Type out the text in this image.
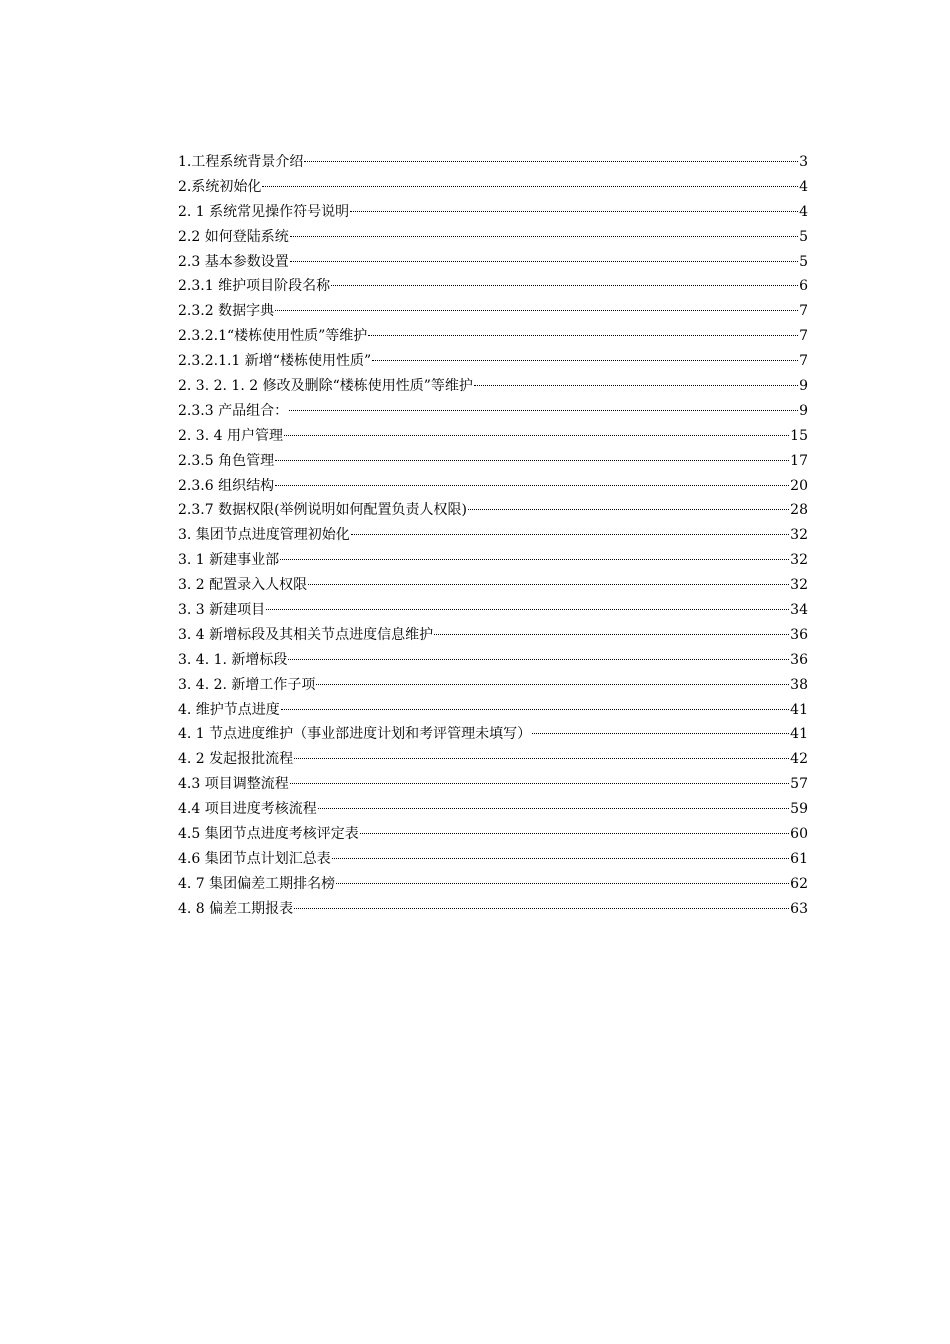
1.工程系统背景介绍	3
2.系统初始化	4
2. 1 系统常见操作符号说明	4
2.2 如何登陆系统	5
2.3 基本参数设置	5
2.3.1 维护项目阶段名称	6
2.3.2 数据字典	7
2.3.2.1“楼栋使用性质”等维护	7
2.3.2.1.1 新增“楼栋使用性质”	7
2. 3. 2. 1. 2 修改及删除“楼栋使用性质”等维护	9
2.3.3 产品组合：	9
2. 3. 4 用户管理	15
2.3.5 角色管理	17
2.3.6 组织结构	20
2.3.7 数据权限(举例说明如何配置负责人权限)	28
3. 集团节点进度管理初始化	32
3. 1 新建事业部	32
3. 2 配置录入人权限	32
3. 3 新建项目	34
3. 4 新增标段及其相关节点进度信息维护	36
3. 4. 1. 新增标段	36
3. 4. 2. 新增工作子项	38
4. 维护节点进度	41
4. 1 节点进度维护（事业部进度计划和考评管理未填写）	41
4. 2 发起报批流程	42
4.3 项目调整流程	57
4.4 项目进度考核流程	59
4.5 集团节点进度考核评定表	60
4.6 集团节点计划汇总表	61
4. 7 集团偏差工期排名榜	62
4. 8 偏差工期报表	63
